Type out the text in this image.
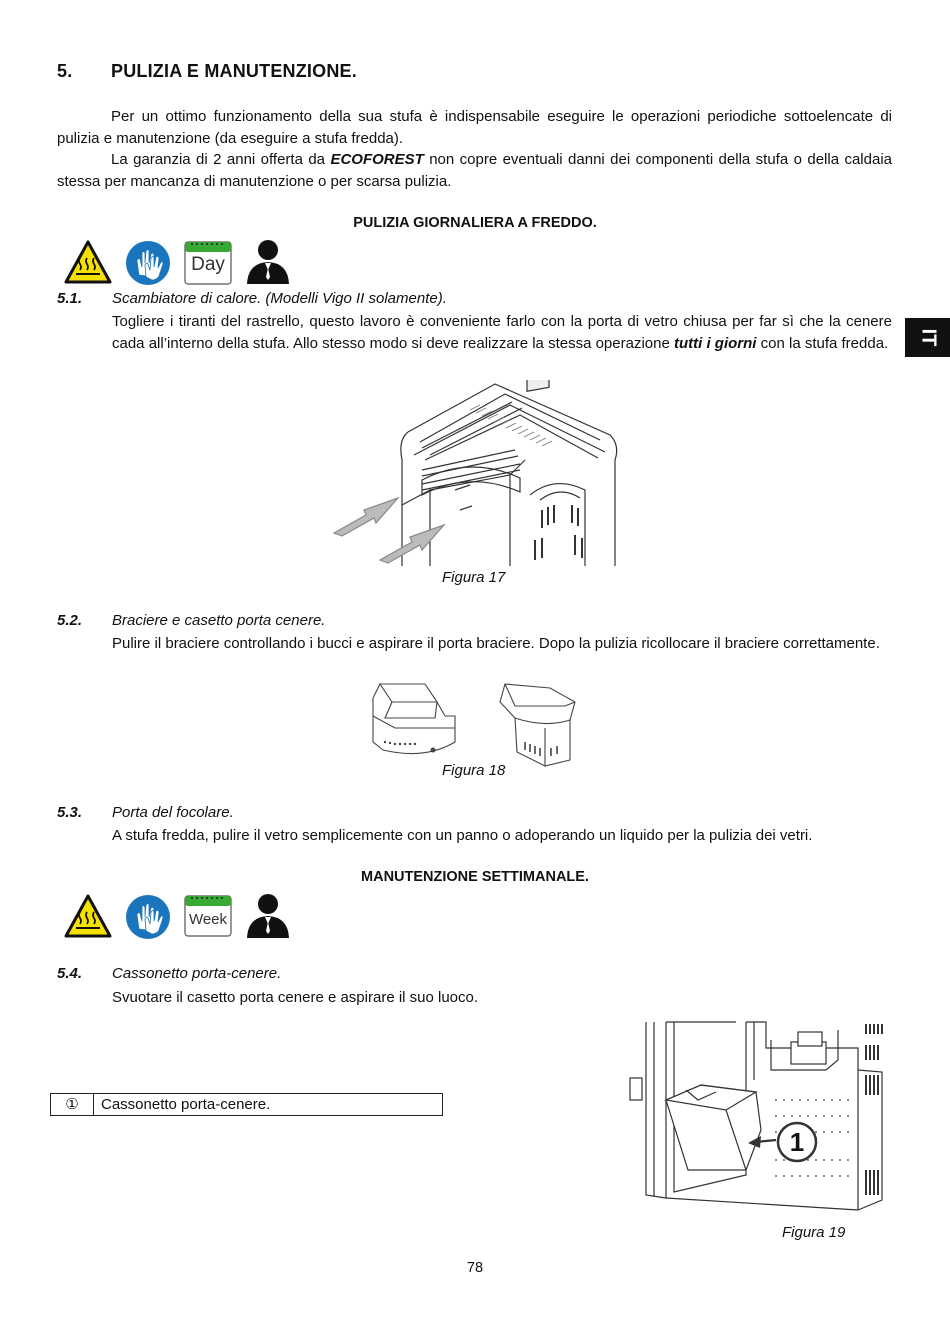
5. PULIZIA E MANUTENZIONE.
Per un ottimo funzionamento della sua stufa è indispensabile eseguire le operazioni periodiche sottoelencate di pulizia e manutenzione (da eseguire a stufa fredda).
La garanzia di 2 anni offerta da ECOFOREST non copre eventuali danni dei componenti della stufa o della caldaia stessa per mancanza di manutenzione o per scarsa pulizia.
PULIZIA GIORNALIERA A FREDDO.
Day
5.1. Scambiatore di calore. (Modelli Vigo II solamente).
Togliere i tiranti del rastrello, questo lavoro è conveniente farlo con la porta di vetro chiusa per far sì che la cenere cada all’interno della stufa. Allo stesso modo si deve realizzare la stessa operazione tutti i giorni con la stufa fredda. IT
Figura 17
5.2. Braciere e casetto porta cenere.
Pulire il braciere controllando i bucci e aspirare il porta braciere. Dopo la pulizia ricollocare il braciere correttamente.
Figura 18
5.3. Porta del focolare.
A stufa fredda, pulire il vetro semplicemente con un panno o adoperando un liquido per la pulizia dei vetri.
MANUTENZIONE SETTIMANALE.
Week
5.4. Cassonetto porta-cenere.
Svuotare il casetto porta cenere e aspirare il suo luoco.
①	Cassonetto porta-cenere.
1
Figura 19
78
